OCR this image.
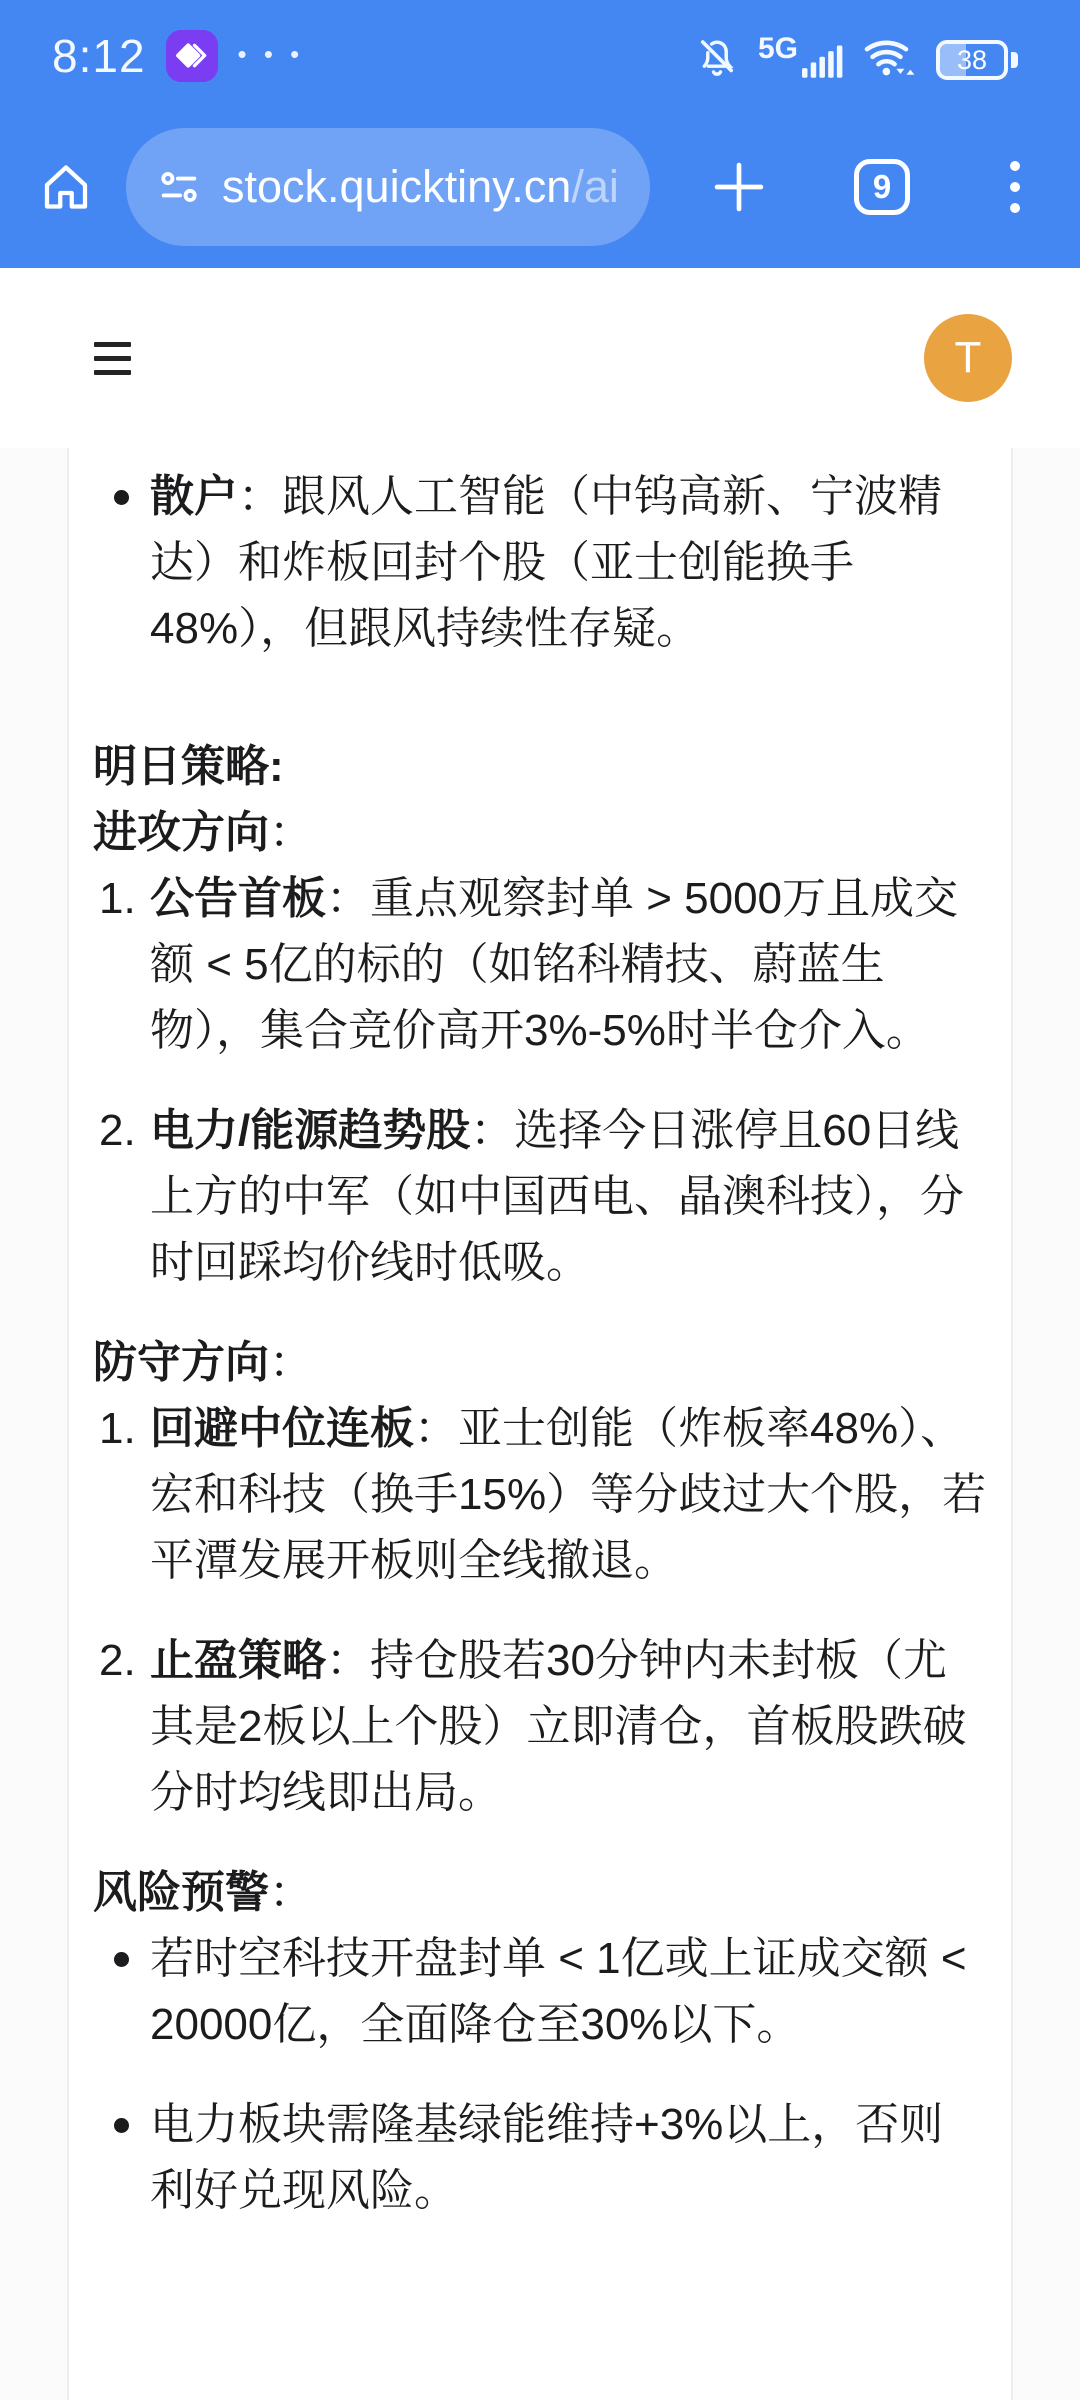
8:12	• • •	5G	38
stock.quicktiny.cn/ai	9
T

散户：跟风人工智能（中钨高新、宁波精达）和炸板回封个股（亚士创能换手48%），但跟风持续性存疑。

明日策略:
进攻方向：
1. 公告首板：重点观察封单 > 5000万且成交额 < 5亿的标的（如铭科精技、蔚蓝生物），集合竞价高开3%-5%时半仓介入。

2. 电力/能源趋势股：选择今日涨停且60日线上方的中军（如中国西电、晶澳科技），分时回踩均价线时低吸。

防守方向：
1. 回避中位连板：亚士创能（炸板率48%）、宏和科技（换手15%）等分歧过大个股，若平潭发展开板则全线撤退。

2. 止盈策略：持仓股若30分钟内未封板（尤其是2板以上个股）立即清仓，首板股跌破分时均线即出局。

风险预警：

若时空科技开盘封单 < 1亿或上证成交额 < 20000亿，全面降仓至30%以下。

电力板块需隆基绿能维持+3%以上，否则利好兑现风险。
